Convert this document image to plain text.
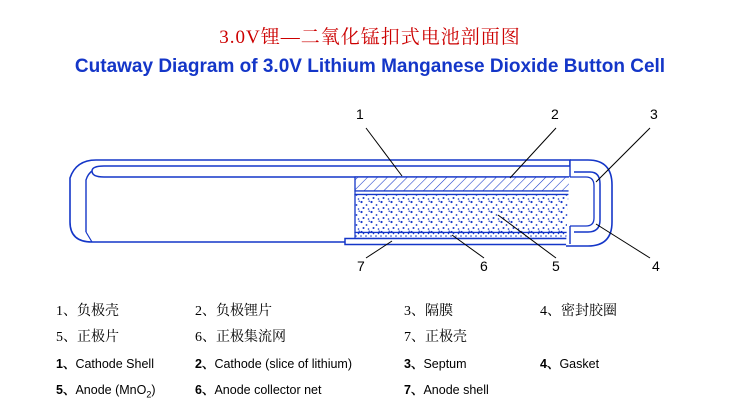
3.0V锂—二氧化锰扣式电池剖面图
Cutaway Diagram of 3.0V Lithium Manganese Dioxide Button Cell
1	2	3
4
5
6
7
1、负极壳	2、负极锂片	3、隔膜	4、密封胶圈
5、正极片	6、正极集流网	7、正极壳
1、Cathode Shell	2、Cathode (slice of lithium)	3、Septum	4、Gasket
5、Anode (MnO$_2$)	6、Anode collector net	7、Anode shell
